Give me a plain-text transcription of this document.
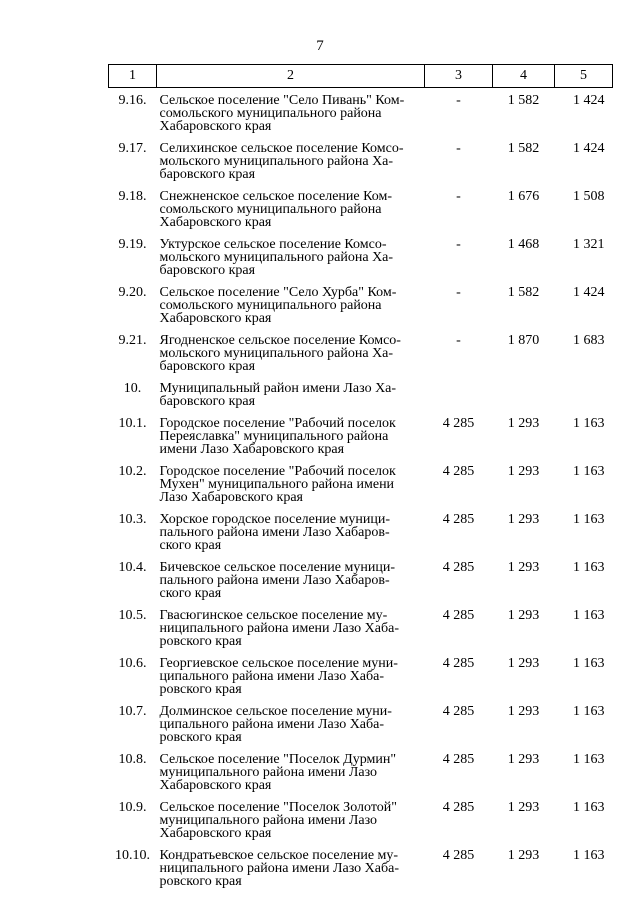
7
1	2	3	4	5
9.16.	Сельское поселение "Село Пивань" Ком-
сомольского муниципального района
Хабаровского края	-	1 582	1 424
9.17.	Селихинское сельское поселение Комсо-
мольского муниципального района Ха-
баровского края	-	1 582	1 424
9.18.	Снежненское сельское поселение Ком-
сомольского муниципального района
Хабаровского края	-	1 676	1 508
9.19.	Уктурское сельское поселение Комсо-
мольского муниципального района Ха-
баровского края	-	1 468	1 321
9.20.	Сельское поселение "Село Хурба" Ком-
сомольского муниципального района
Хабаровского края	-	1 582	1 424
9.21.	Ягодненское сельское поселение Комсо-
мольского муниципального района Ха-
баровского края	-	1 870	1 683
10.	Муниципальный район имени Лазо Ха-
баровского края			

10.1.	Городское поселение "Рабочий поселок
Переяславка" муниципального района
имени Лазо Хабаровского края	4 285	1 293	1 163
10.2.	Городское поселение "Рабочий поселок
Мухен" муниципального района имени
Лазо Хабаровского края	4 285	1 293	1 163
10.3.	Хорское городское поселение муници-
пального района имени Лазо Хабаров-
ского края	4 285	1 293	1 163
10.4.	Бичевское сельское поселение муници-
пального района имени Лазо Хабаров-
ского края	4 285	1 293	1 163
10.5.	Гвасюгинское сельское поселение му-
ниципального района имени Лазо Хаба-
ровского края	4 285	1 293	1 163
10.6.	Георгиевское сельское поселение муни-
ципального района имени Лазо Хаба-
ровского края	4 285	1 293	1 163
10.7.	Долминское сельское поселение муни-
ципального района имени Лазо Хаба-
ровского края	4 285	1 293	1 163
10.8.	Сельское поселение "Поселок Дурмин"
муниципального района имени Лазо
Хабаровского края	4 285	1 293	1 163
10.9.	Сельское поселение "Поселок Золотой"
муниципального района имени Лазо
Хабаровского края	4 285	1 293	1 163
10.10.	Кондратьевское сельское поселение му-
ниципального района имени Лазо Хаба-
ровского края	4 285	1 293	1 163
